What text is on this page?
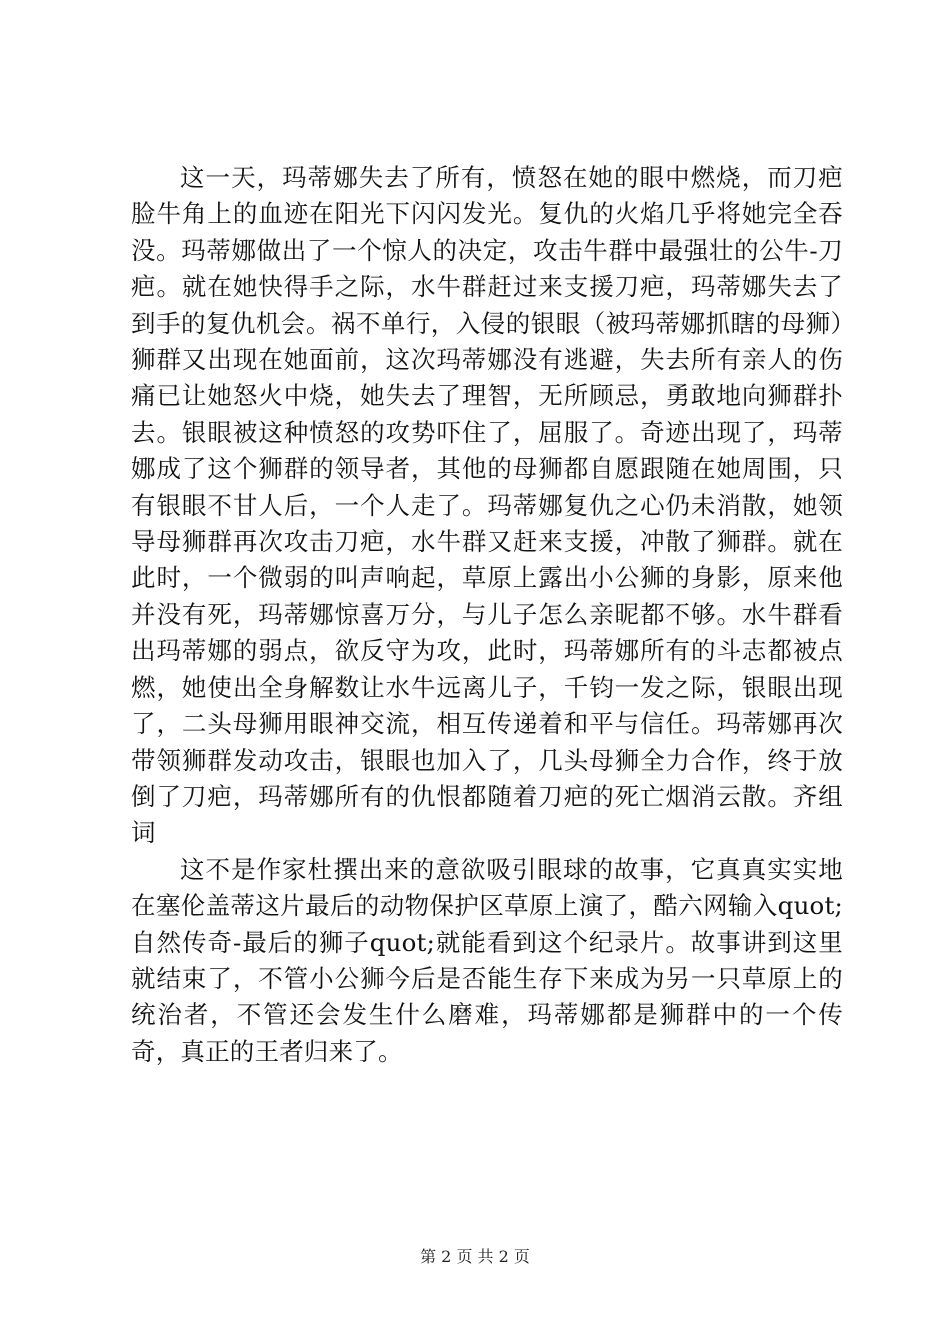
这一天，玛蒂娜失去了所有，愤怒在她的眼中燃烧，而刀疤脸牛角上的血迹在阳光下闪闪发光。复仇的火焰几乎将她完全吞没。玛蒂娜做出了一个惊人的决定，攻击牛群中最强壮的公牛-刀疤。就在她快得手之际，水牛群赶过来支援刀疤，玛蒂娜失去了到手的复仇机会。祸不单行，入侵的银眼（被玛蒂娜抓瞎的母狮）狮群又出现在她面前，这次玛蒂娜没有逃避，失去所有亲人的伤痛已让她怒火中烧，她失去了理智，无所顾忌，勇敢地向狮群扑去。银眼被这种愤怒的攻势吓住了，屈服了。奇迹出现了，玛蒂娜成了这个狮群的领导者，其他的母狮都自愿跟随在她周围，只有银眼不甘人后，一个人走了。玛蒂娜复仇之心仍未消散，她领导母狮群再次攻击刀疤，水牛群又赶来支援，冲散了狮群。就在此时，一个微弱的叫声响起，草原上露出小公狮的身影，原来他并没有死，玛蒂娜惊喜万分，与儿子怎么亲昵都不够。水牛群看出玛蒂娜的弱点，欲反守为攻，此时，玛蒂娜所有的斗志都被点燃，她使出全身解数让水牛远离儿子，千钧一发之际，银眼出现了，二头母狮用眼神交流，相互传递着和平与信任。玛蒂娜再次带领狮群发动攻击，银眼也加入了，几头母狮全力合作，终于放倒了刀疤，玛蒂娜所有的仇恨都随着刀疤的死亡烟消云散。齐组词

这不是作家杜撰出来的意欲吸引眼球的故事，它真真实实地在塞伦盖蒂这片最后的动物保护区草原上演了，酷六网输入quot;自然传奇-最后的狮子quot;就能看到这个纪录片。故事讲到这里就结束了，不管小公狮今后是否能生存下来成为另一只草原上的统治者，不管还会发生什么磨难，玛蒂娜都是狮群中的一个传奇，真正的王者归来了。

第 2 页 共 2 页
